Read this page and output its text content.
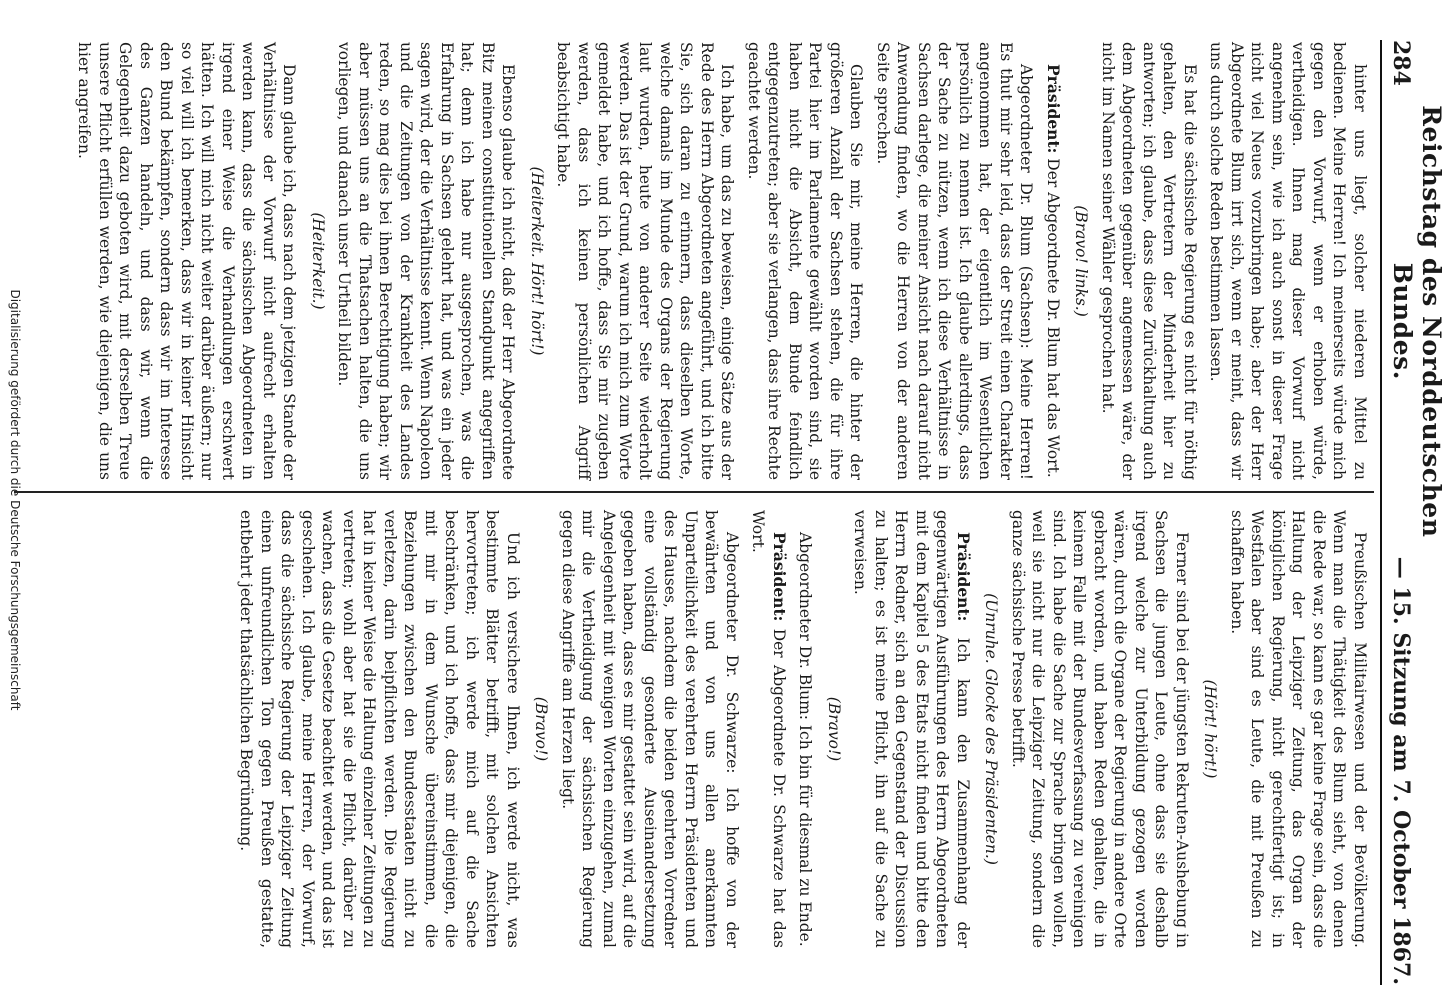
284
Reichstag des Norddeutschen Bundes.
— 15. Sitzung am 7. October 1867.

hinter uns liegt, solcher niederen Mittel zu bedienen. Meine Herren! Ich meinerseits würde mich gegen den Vorwurf, wenn er erhoben würde, vertheidigen. Ihnen mag dieser Vorwurf nicht angenehm sein, wie ich auch sonst in dieser Frage nicht viel Neues vorzubringen habe; aber der Herr Abgeordnete Blum irrt sich, wenn er meint, dass wir uns durch solche Reden bestimmen lassen.

Es hat die sächsische Regierung es nicht für nöthig gehalten, den Vertretern der Minderheit hier zu antworten; ich glaube, dass diese Zurückhaltung auch dem Abgeordneten gegenüber angemessen wäre, der nicht im Namen seiner Wähler gesprochen hat.

(Bravo! links.)

Präsident: Der Abgeordnete Dr. Blum hat das Wort.

Abgeordneter Dr. Blum (Sachsen): Meine Herren! Es thut mir sehr leid, dass der Streit einen Charakter angenommen hat, der eigentlich im Wesentlichen persönlich zu nennen ist. Ich glaube allerdings, dass der Sache zu nützen, wenn ich diese Verhältnisse in Sachsen darlege, die meiner Ansicht nach darauf nicht Anwendung finden, wo die Herren von der anderen Seite sprechen.

Glauben Sie mir, meine Herren, die hinter der größeren Anzahl der Sachsen stehen, die für ihre Partei hier im Parlamente gewählt worden sind, sie haben nicht die Absicht, dem Bunde feindlich entgegenzutreten; aber sie verlangen, dass ihre Rechte geachtet werden.

Ich habe, um das zu beweisen, einige Sätze aus der Rede des Herrn Abgeordneten angeführt, und ich bitte Sie, sich daran zu erinnern, dass dieselben Worte, welche damals im Munde des Organs der Regierung laut wurden, heute von anderer Seite wiederholt werden. Das ist der Grund, warum ich mich zum Worte gemeldet habe, und ich hoffe, dass Sie mir zugeben werden, dass ich keinen persönlichen Angriff beabsichtigt habe.

(Heiterkeit. Hört! hört!)

Ebenso glaube ich nicht, daß der Herr Abgeordnete Bitz meinen constitutionellen Standpunkt angegriffen hat; denn ich habe nur ausgesprochen, was die Erfahrung in Sachsen gelehrt hat, und was ein jeder sagen wird, der die Verhältnisse kennt. Wenn Napoleon und die Zeitungen von der Krankheit des Landes reden, so mag dies bei ihnen Berechtigung haben; wir aber müssen uns an die Thatsachen halten, die uns vorliegen, und danach unser Urtheil bilden.

(Heiterkeit.)

Dann glaube ich, dass nach dem jetzigen Stande der Verhältnisse der Vorwurf nicht aufrecht erhalten werden kann, dass die sächsischen Abgeordneten in irgend einer Weise die Verhandlungen erschwert hätten. Ich will mich nicht weiter darüber äußern; nur so viel will ich bemerken, dass wir in keiner Hinsicht den Bund bekämpfen, sondern dass wir im Interesse des Ganzen handeln, und dass wir, wenn die Gelegenheit dazu geboten wird, mit derselben Treue unsere Pflicht erfüllen werden, wie diejenigen, die uns hier angreifen.

Preußischen Militairwesen und der Bevölkerung. Wenn man die Thätigkeit des Blum sieht, von denen die Rede war, so kann es gar keine Frage sein, dass die Haltung der Leipziger Zeitung, das Organ der königlichen Regierung, nicht gerechtfertigt ist; in Westfalen aber sind es Leute, die mit Preußen zu schaffen haben.

(Hört! hört!)

Ferner sind bei der jüngsten Rekruten-Aushebung in Sachsen die jungen Leute, ohne dass sie deshalb irgend welche zur Unterbildung gezogen worden wären, durch die Organe der Regierung in andere Orte gebracht worden, und haben Reden gehalten, die in keinem Falle mit der Bundesverfassung zu vereinigen sind. Ich habe die Sache zur Sprache bringen wollen, weil sie nicht nur die Leipziger Zeitung, sondern die ganze sächsische Presse betrifft.

(Unruhe. Glocke des Präsidenten.)

Präsident: Ich kann den Zusammenhang der gegenwärtigen Ausführungen des Herrn Abgeordneten mit dem Kapitel 5 des Etats nicht finden und bitte den Herrn Redner, sich an den Gegenstand der Discussion zu halten; es ist meine Pflicht, ihn auf die Sache zu verweisen.

(Bravo!)

Abgeordneter Dr. Blum: Ich bin für diesmal zu Ende.

Präsident: Der Abgeordnete Dr. Schwarze hat das Wort.

Abgeordneter Dr. Schwarze: Ich hoffe von der bewährten und von uns allen anerkannten Unparteilichkeit des verehrten Herrn Präsidenten und des Hauses, nachdem die beiden geehrten Vorredner eine vollständig gesonderte Auseinandersetzung gegeben haben, dass es mir gestattet sein wird, auf die Angelegenheit mit wenigen Worten einzugehen, zumal mir die Vertheidigung der sächsischen Regierung gegen diese Angriffe am Herzen liegt.

(Bravo!)

Und ich versichere Ihnen, ich werde nicht, was bestimmte Blätter betrifft, mit solchen Ansichten hervortreten; ich werde mich auf die Sache beschränken, und ich hoffe, dass mir diejenigen, die mit mir in dem Wunsche übereinstimmen, die Beziehungen zwischen den Bundesstaaten nicht zu verletzen, darin beipflichten werden. Die Regierung hat in keiner Weise die Haltung einzelner Zeitungen zu vertreten; wohl aber hat sie die Pflicht, darüber zu wachen, dass die Gesetze beachtet werden, und das ist geschehen. Ich glaube, meine Herren, der Vorwurf, dass die sächsische Regierung der Leipziger Zeitung einen unfreundlichen Ton gegen Preußen gestatte, entbehrt jeder thatsächlichen Begründung.

Digitalisierung gefördert durch die Deutsche Forschungsgemeinschaft
